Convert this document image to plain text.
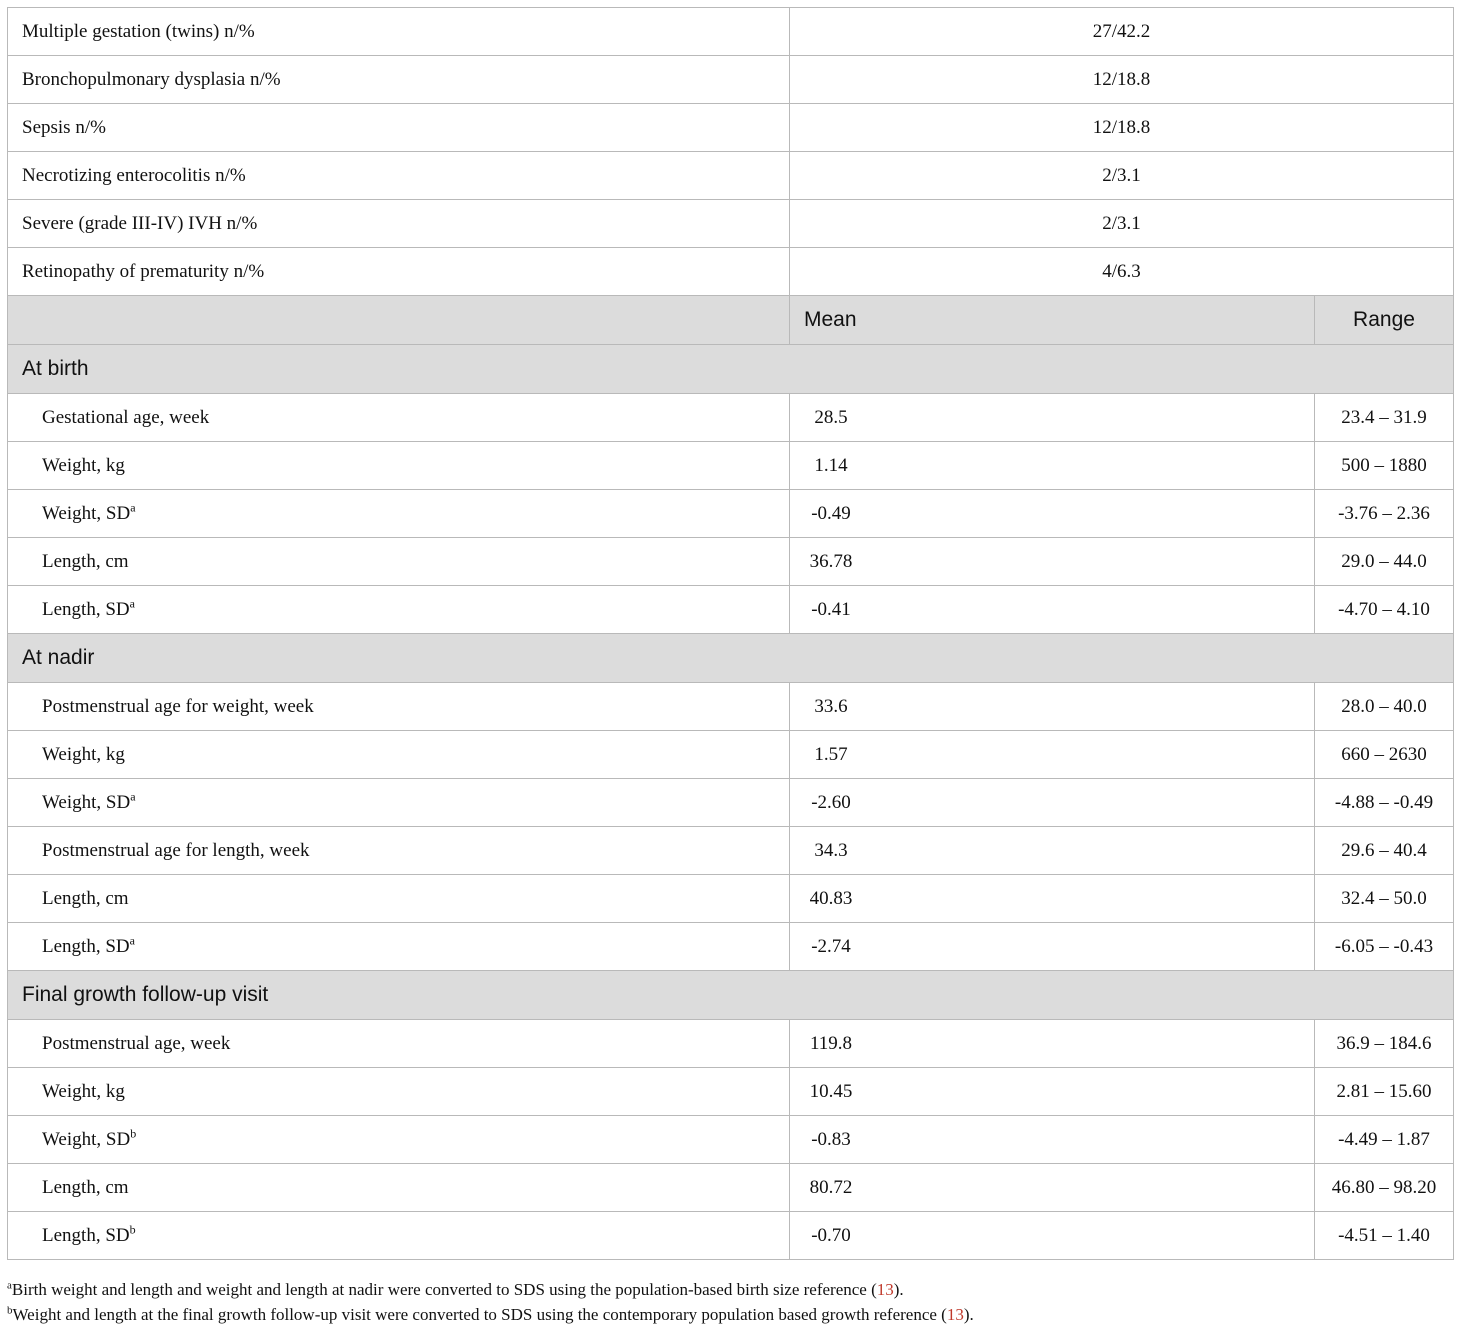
Multiple gestation (twins) n/%	27/42.2	
Bronchopulmonary dysplasia n/%	12/18.8	
Sepsis n/%	12/18.8	
Necrotizing enterocolitis n/%	2/3.1	
Severe (grade III-IV) IVH n/%	2/3.1	
Retinopathy of prematurity n/%	4/6.3	
	Mean	Range
At birth		
Gestational age, week	28.5	23.4 – 31.9
Weight, kg	1.14	500 – 1880
Weight, $SD^a$	-0.49	-3.76 – 2.36
Length, cm	36.78	29.0 – 44.0
Length, $SD^a$	-0.41	-4.70 – 4.10
At nadir		
Postmenstrual age for weight, week	33.6	28.0 – 40.0
Weight, kg	1.57	660 – 2630
Weight, $SD^a$	-2.60	-4.88 – -0.49
Postmenstrual age for length, week	34.3	29.6 – 40.4
Length, cm	40.83	32.4 – 50.0
Length, $SD^a$	-2.74	-6.05 – -0.43
Final growth follow-up visit		
Postmenstrual age, week	119.8	36.9 – 184.6
Weight, kg	10.45	2.81 – 15.60
Weight, $SD^b$	-0.83	-4.49 – 1.87
Length, cm	80.72	46.80 – 98.20
Length, $SD^b$	-0.70	-4.51 – 1.40
$^a$Birth weight and length and weight and length at nadir were converted to SDS using the population-based birth size reference (13).
$^b$Weight and length at the final growth follow-up visit were converted to SDS using the contemporary population based growth reference (13).
